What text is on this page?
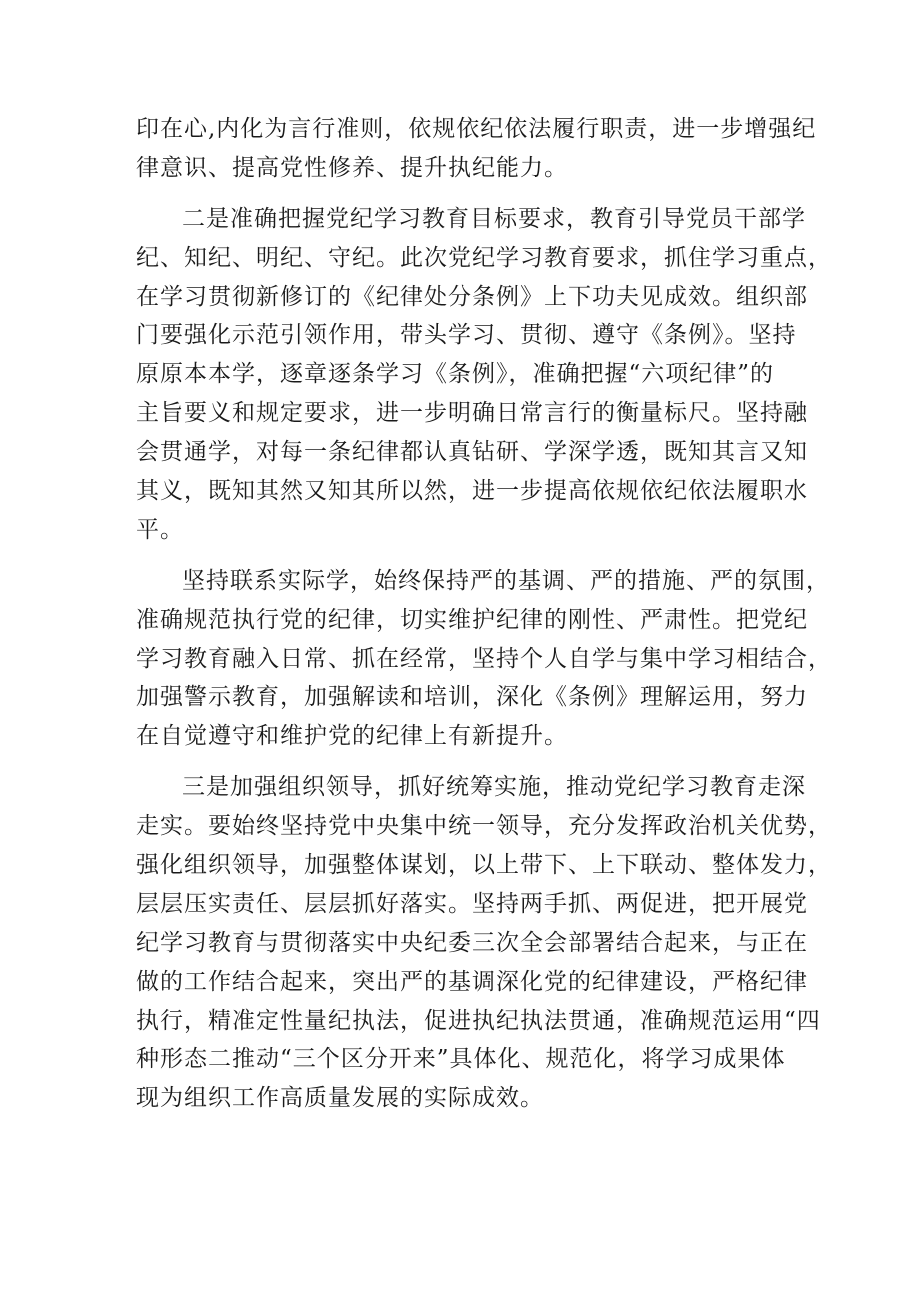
印在心,内化为言行准则，依规依纪依法履行职责，进一步增强纪
律意识、提高党性修养、提升执纪能力。
二是准确把握党纪学习教育目标要求，教育引导党员干部学
纪、知纪、明纪、守纪。此次党纪学习教育要求，抓住学习重点，
在学习贯彻新修订的《纪律处分条例》上下功夫见成效。组织部
门要强化示范引领作用，带头学习、贯彻、遵守《条例》。坚持
原原本本学，逐章逐条学习《条例》，准确把握“六项纪律”的
主旨要义和规定要求，进一步明确日常言行的衡量标尺。坚持融
会贯通学，对每一条纪律都认真钻研、学深学透，既知其言又知
其义，既知其然又知其所以然，进一步提高依规依纪依法履职水
平。
坚持联系实际学，始终保持严的基调、严的措施、严的氛围，
准确规范执行党的纪律，切实维护纪律的刚性、严肃性。把党纪
学习教育融入日常、抓在经常，坚持个人自学与集中学习相结合，
加强警示教育，加强解读和培训，深化《条例》理解运用，努力
在自觉遵守和维护党的纪律上有新提升。
三是加强组织领导，抓好统筹实施，推动党纪学习教育走深
走实。要始终坚持党中央集中统一领导，充分发挥政治机关优势，
强化组织领导，加强整体谋划，以上带下、上下联动、整体发力，
层层压实责任、层层抓好落实。坚持两手抓、两促进，把开展党
纪学习教育与贯彻落实中央纪委三次全会部署结合起来，与正在
做的工作结合起来，突出严的基调深化党的纪律建设，严格纪律
执行，精准定性量纪执法，促进执纪执法贯通，准确规范运用“四
种形态二推动“三个区分开来”具体化、规范化，将学习成果体
现为组织工作高质量发展的实际成效。
